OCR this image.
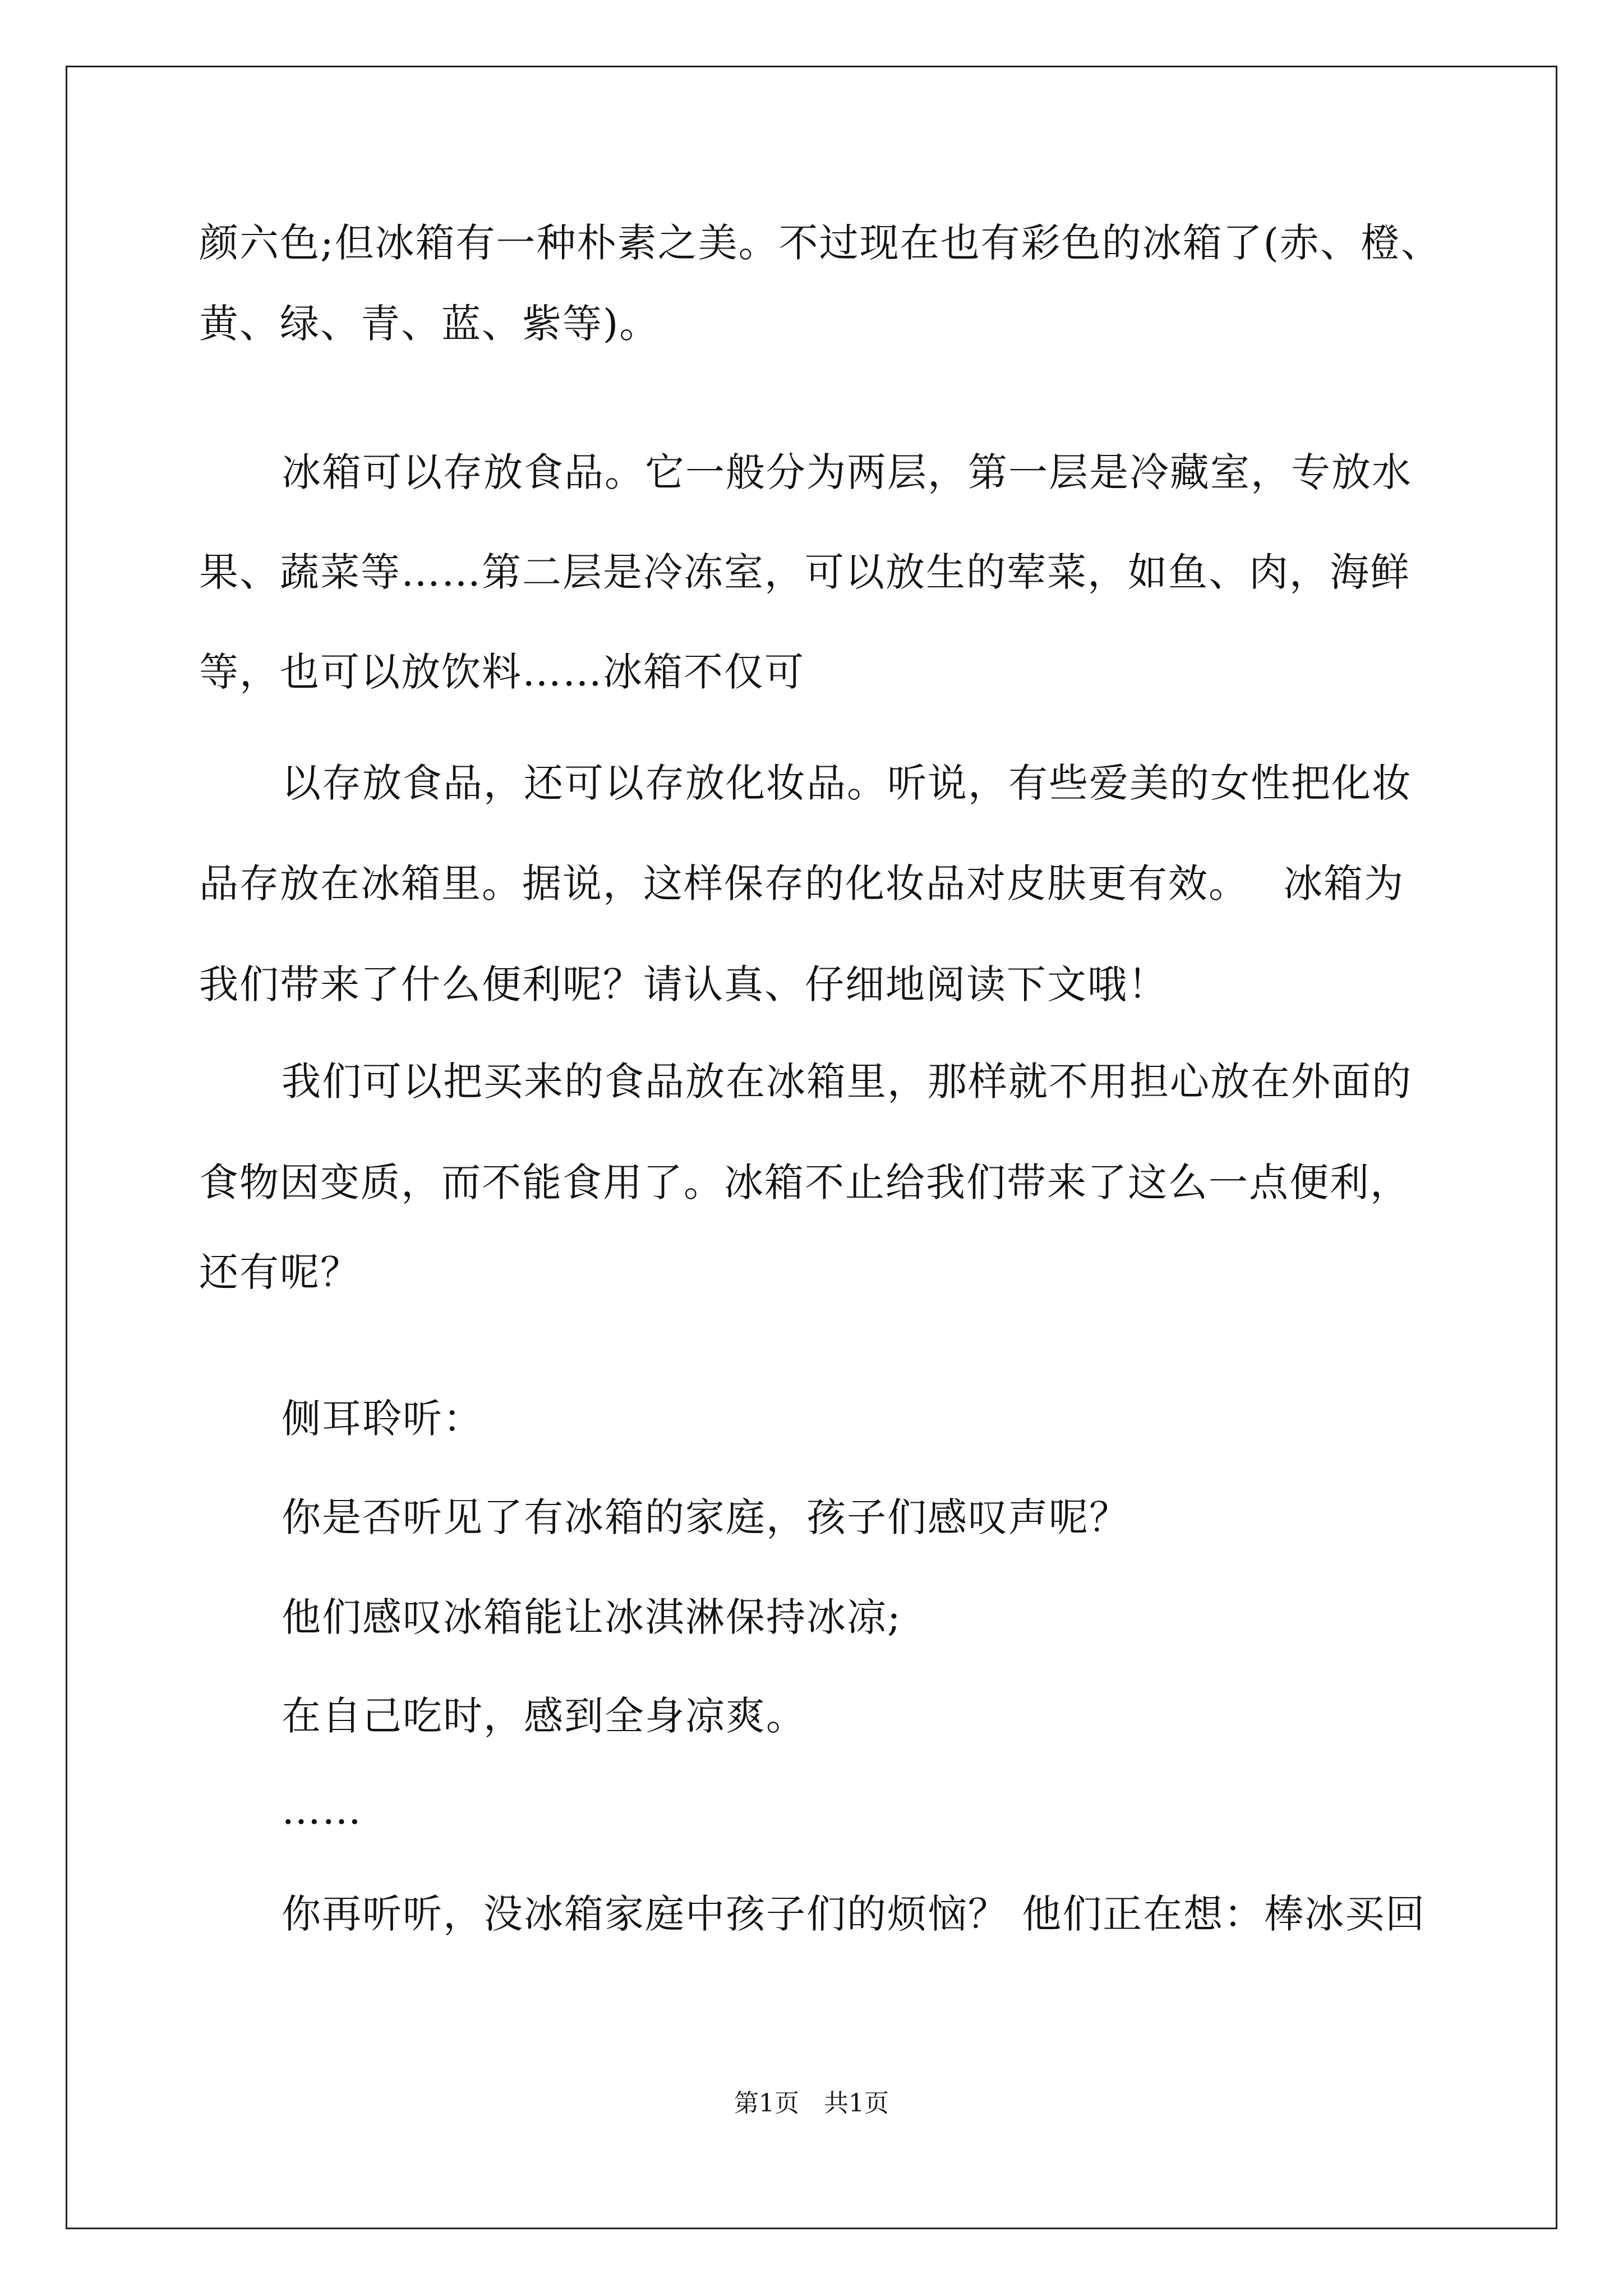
颜六色;但冰箱有一种朴素之美。不过现在也有彩色的冰箱了(赤、橙、
黄、绿、青、蓝、紫等)。
冰箱可以存放食品。它一般分为两层，第一层是冷藏室，专放水
果、蔬菜等……第二层是冷冻室，可以放生的荤菜，如鱼、肉，海鲜
等，也可以放饮料……冰箱不仅可
以存放食品，还可以存放化妆品。听说，有些爱美的女性把化妆
品存放在冰箱里。据说，这样保存的化妆品对皮肤更有效。　 冰箱为
我们带来了什么便利呢？请认真、仔细地阅读下文哦！
我们可以把买来的食品放在冰箱里，那样就不用担心放在外面的
食物因变质，而不能食用了。冰箱不止给我们带来了这么一点便利，
还有呢？
侧耳聆听：
你是否听见了有冰箱的家庭，孩子们感叹声呢？
他们感叹冰箱能让冰淇淋保持冰凉;
在自己吃时，感到全身凉爽。
……
你再听听，没冰箱家庭中孩子们的烦恼？ 他们正在想：棒冰买回
第1页　共1页
